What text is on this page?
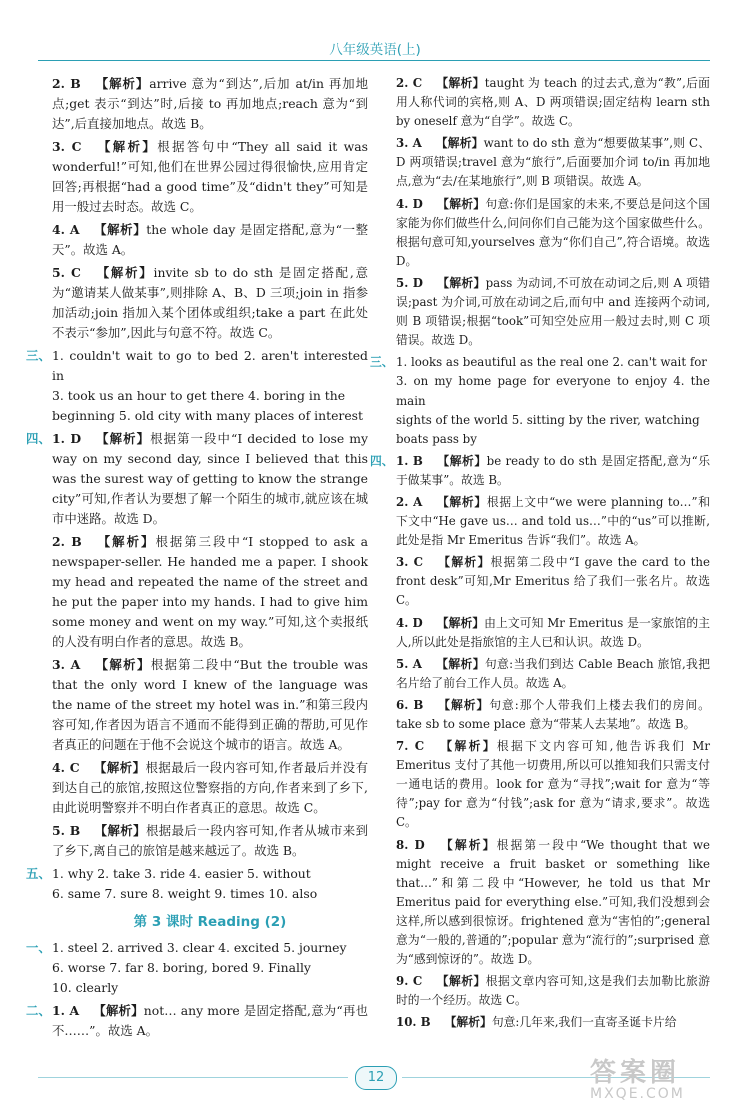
八年级英语(上)
2. B 【解析】arrive 意为“到达”,后加 at/in 再加地点;get 表示“到达”时,后接 to 再加地点;reach 意为“到达”,后直接加地点。故选 B。
3. C 【解析】根据答句中“They all said it was wonderful!”可知,他们在世界公园过得很愉快,应用肯定回答;再根据“had a good time”及“didn't they”可知是用一般过去时态。故选 C。
4. A 【解析】the whole day 是固定搭配,意为“一整天”。故选 A。
5. C 【解析】invite sb to do sth 是固定搭配,意为“邀请某人做某事”,则排除 A、B、D 三项;join in 指参加活动;join 指加入某个团体或组织;take a part 在此处不表示“参加”,因此与句意不符。故选 C。
三、 1. couldn't wait to go to bed 2. aren't interested in
3. took us an hour to get there 4. boring in the
beginning 5. old city with many places of interest
四、 1. D 【解析】根据第一段中“I decided to lose my way on my second day, since I believed that this was the surest way of getting to know the strange city”可知,作者认为要想了解一个陌生的城市,就应该在城市中迷路。故选 D。
2. B 【解析】根据第三段中“I stopped to ask a newspaper-seller. He handed me a paper. I shook my head and repeated the name of the street and he put the paper into my hands. I had to give him some money and went on my way.”可知,这个卖报纸的人没有明白作者的意思。故选 B。
3. A 【解析】根据第二段中“But the trouble was that the only word I knew of the language was the name of the street my hotel was in.”和第三段内容可知,作者因为语言不通而不能得到正确的帮助,可见作者真正的问题在于他不会说这个城市的语言。故选 A。
4. C 【解析】根据最后一段内容可知,作者最后并没有到达自己的旅馆,按照这位警察指的方向,作者来到了乡下,由此说明警察并不明白作者真正的意思。故选 C。
5. B 【解析】根据最后一段内容可知,作者从城市来到了乡下,离自己的旅馆是越来越远了。故选 B。
五、 1. why 2. take 3. ride 4. easier 5. without
6. same 7. sure 8. weight 9. times 10. also
第 3 课时 Reading (2)
一、 1. steel 2. arrived 3. clear 4. excited 5. journey
6. worse 7. far 8. boring, bored 9. Finally
10. clearly
二、 1. A 【解析】not… any more 是固定搭配,意为“再也不……”。故选 A。
2. C 【解析】taught 为 teach 的过去式,意为“教”,后面用人称代词的宾格,则 A、D 两项错误;固定结构 learn sth by oneself 意为“自学”。故选 C。
3. A 【解析】want to do sth 意为“想要做某事”,则 C、D 两项错误;travel 意为“旅行”,后面要加介词 to/in 再加地点,意为“去/在某地旅行”,则 B 项错误。故选 A。
4. D 【解析】句意:你们是国家的未来,不要总是问这个国家能为你们做些什么,问问你们自己能为这个国家做些什么。根据句意可知,yourselves 意为“你们自己”,符合语境。故选 D。
5. D 【解析】pass 为动词,不可放在动词之后,则 A 项错误;past 为介词,可放在动词之后,而句中 and 连接两个动词,则 B 项错误;根据“took”可知空处应用一般过去时,则 C 项错误。故选 D。
三、 1. looks as beautiful as the real one 2. can't wait for
3. on my home page for everyone to enjoy 4. the main
sights of the world 5. sitting by the river, watching
boats pass by
四、 1. B 【解析】be ready to do sth 是固定搭配,意为“乐于做某事”。故选 B。
2. A 【解析】根据上文中“we were planning to…”和下文中“He gave us… and told us…”中的“us”可以推断,此处是指 Mr Emeritus 告诉“我们”。故选 A。
3. C 【解析】根据第二段中“I gave the card to the front desk”可知,Mr Emeritus 给了我们一张名片。故选 C。
4. D 【解析】由上文可知 Mr Emeritus 是一家旅馆的主人,所以此处是指旅馆的主人已和认识。故选 D。
5. A 【解析】句意:当我们到达 Cable Beach 旅馆,我把名片给了前台工作人员。故选 A。
6. B 【解析】句意:那个人带我们上楼去我们的房间。take sb to some place 意为“带某人去某地”。故选 B。
7. C 【解析】根据下文内容可知,他告诉我们 Mr Emeritus 支付了其他一切费用,所以可以推知我们只需支付一通电话的费用。look for 意为“寻找”;wait for 意为“等待”;pay for 意为“付钱”;ask for 意为“请求,要求”。故选 C。
8. D 【解析】根据第一段中“We thought that we might receive a fruit basket or something like that…”和第二段中“However, he told us that Mr Emeritus paid for everything else.”可知,我们没想到会这样,所以感到很惊讶。frightened 意为“害怕的”;general 意为“一般的,普通的”;popular 意为“流行的”;surprised 意为“感到惊讶的”。故选 D。
9. C 【解析】根据文章内容可知,这是我们去加勒比旅游时的一个经历。故选 C。
10. B 【解析】句意:几年来,我们一直寄圣诞卡片给
12	答案圈
MXQE.COM
